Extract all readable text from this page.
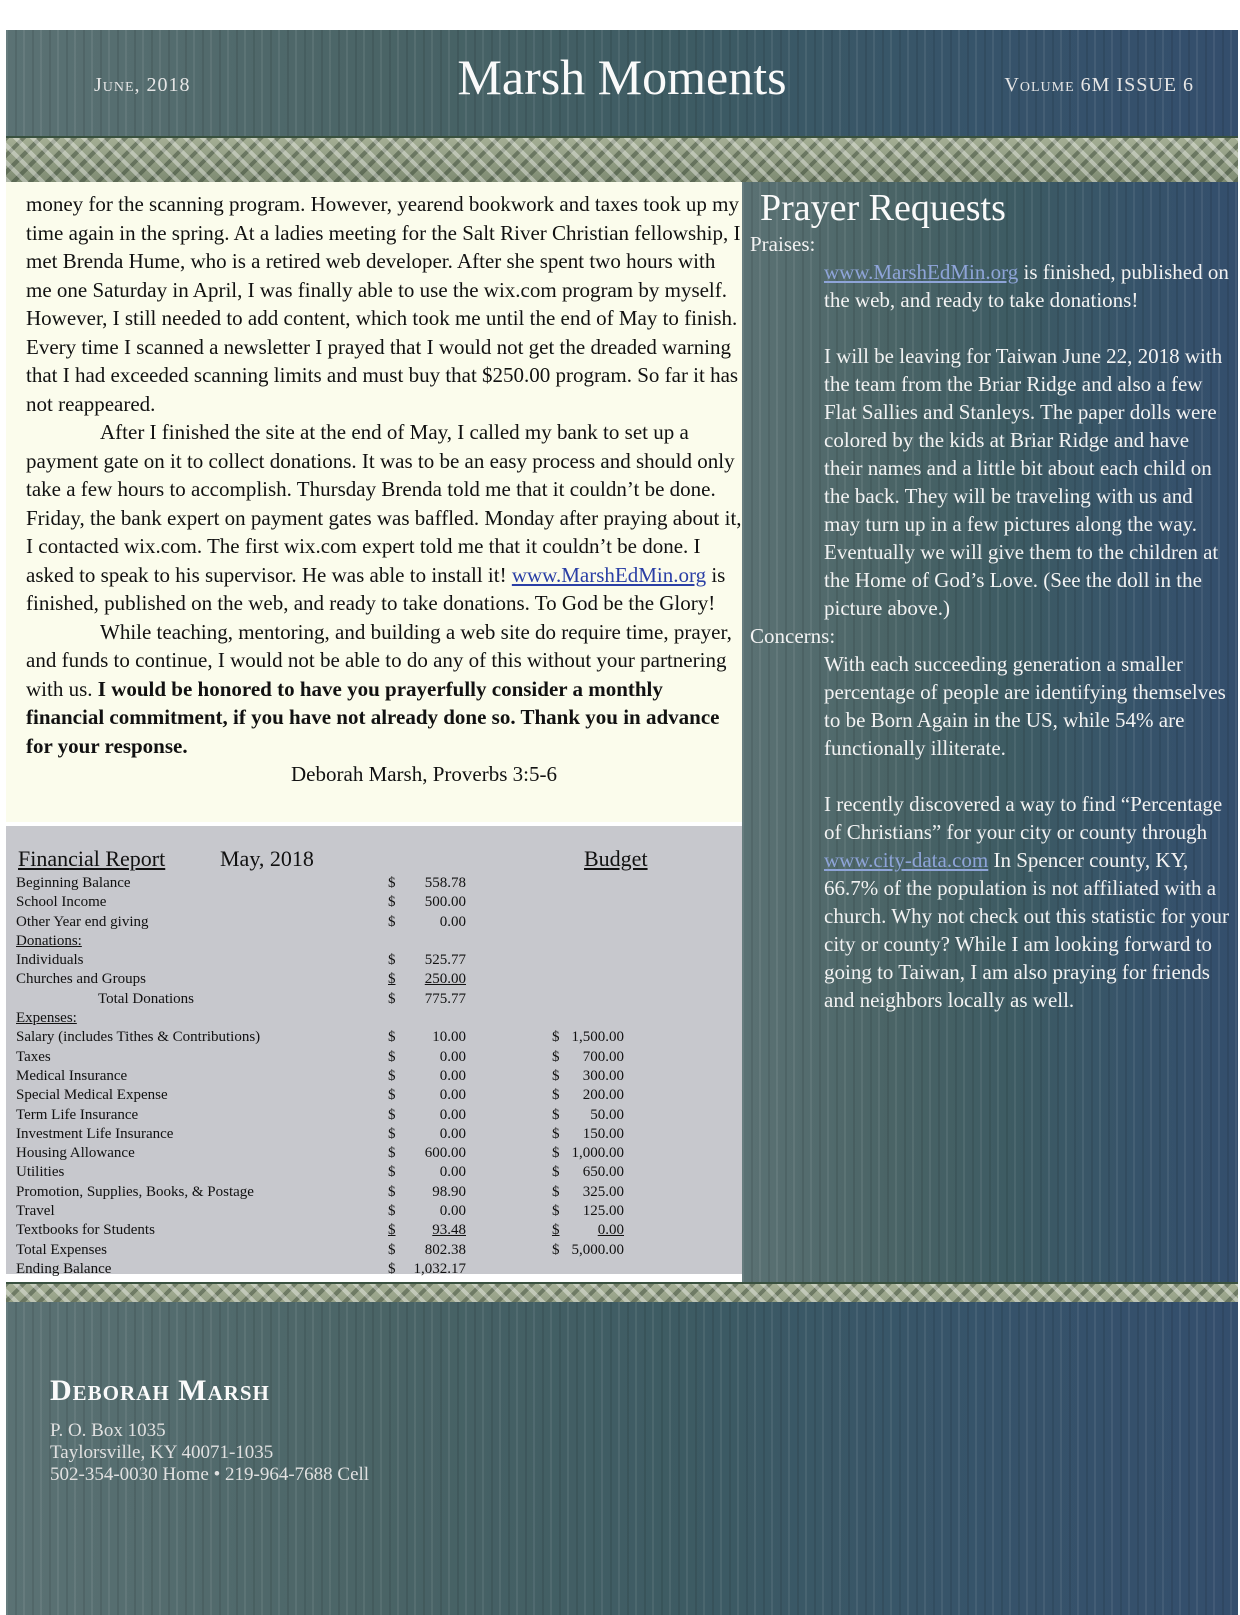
June, 2018	Marsh Moments	Volume 6M ISSUE 6

money for the scanning program. However, yearend bookwork and taxes took up my time again in the spring. At a ladies meeting for the Salt River Christian fellowship, I met Brenda Hume, who is a retired web developer. After she spent two hours with me one Saturday in April, I was finally able to use the wix.com program by myself. However, I still needed to add content, which took me until the end of May to finish. Every time I scanned a newsletter I prayed that I would not get the dreaded warning that I had exceeded scanning limits and must buy that $250.00 program. So far it has not reappeared.

After I finished the site at the end of May, I called my bank to set up a payment gate on it to collect donations. It was to be an easy process and should only take a few hours to accomplish. Thursday Brenda told me that it couldn’t be done. Friday, the bank expert on payment gates was baffled. Monday after praying about it, I contacted wix.com. The first wix.com expert told me that it couldn’t be done. I asked to speak to his supervisor. He was able to install it! www.MarshEdMin.org is finished, published on the web, and ready to take donations. To God be the Glory!

While teaching, mentoring, and building a web site do require time, prayer, and funds to continue, I would not be able to do any of this without your partnering with us. I would be honored to have you prayerfully consider a monthly financial commitment, if you have not already done so. Thank you in advance for your response.

Deborah Marsh, Proverbs 3:5-6

Financial Report May, 2018	Budget
Beginning Balance	$	558.78
School Income	$	500.00
Other Year end giving	$	0.00
Donations:
Individuals	$	525.77
Churches and Groups	$	250.00
Total Donations	$	775.77
Expenses:
Salary (includes Tithes & Contributions)	$	10.00	$ 1,500.00
Taxes	$	0.00	$	700.00
Medical Insurance	$	0.00	$	300.00
Special Medical Expense	$	0.00	$	200.00
Term Life Insurance	$	0.00	$	50.00
Investment Life Insurance	$	0.00	$	150.00
Housing Allowance	$	600.00	$ 1,000.00
Utilities	$	0.00	$	650.00
Promotion, Supplies, Books, & Postage	$	98.90	$	325.00
Travel	$	0.00	$	125.00
Textbooks for Students	$	93.48	$	0.00
Total Expenses	$	802.38	$ 5,000.00
Ending Balance	$	1,032.17
Prayer Requests

Praises:

www.MarshEdMin.org is finished, published on the web, and ready to take donations!

I will be leaving for Taiwan June 22, 2018 with the team from the Briar Ridge and also a few Flat Sallies and Stanleys. The paper dolls were colored by the kids at Briar Ridge and have their names and a little bit about each child on the back. They will be traveling with us and may turn up in a few pictures along the way. Eventually we will give them to the children at the Home of God’s Love. (See the doll in the picture above.)

Concerns:

With each succeeding generation a smaller percentage of people are identifying themselves to be Born Again in the US, while 54% are functionally illiterate.

I recently discovered a way to find “Percentage of Christians” for your city or county through www.city-data.com In Spencer county, KY, 66.7% of the population is not affiliated with a church. Why not check out this statistic for your city or county? While I am looking forward to going to Taiwan, I am also praying for friends and neighbors locally as well.

Deborah Marsh
P. O. Box 1035
Taylorsville, KY 40071-1035
502-354-0030 Home • 219-964-7688 Cell
